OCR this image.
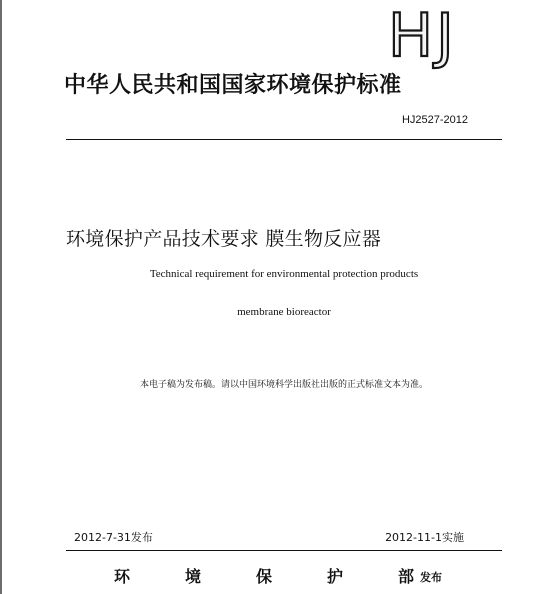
HJ
中华人民共和国国家环境保护标准
HJ2527-2012
环境保护产品技术要求 膜生物反应器
Technical requirement for environmental protection products
membrane bioreactor
本电子稿为发布稿。请以中国环境科学出版社出版的正式标准文本为准。
2012-7-31发布	2012-11-1实施
环	境	保	护	部 发布
